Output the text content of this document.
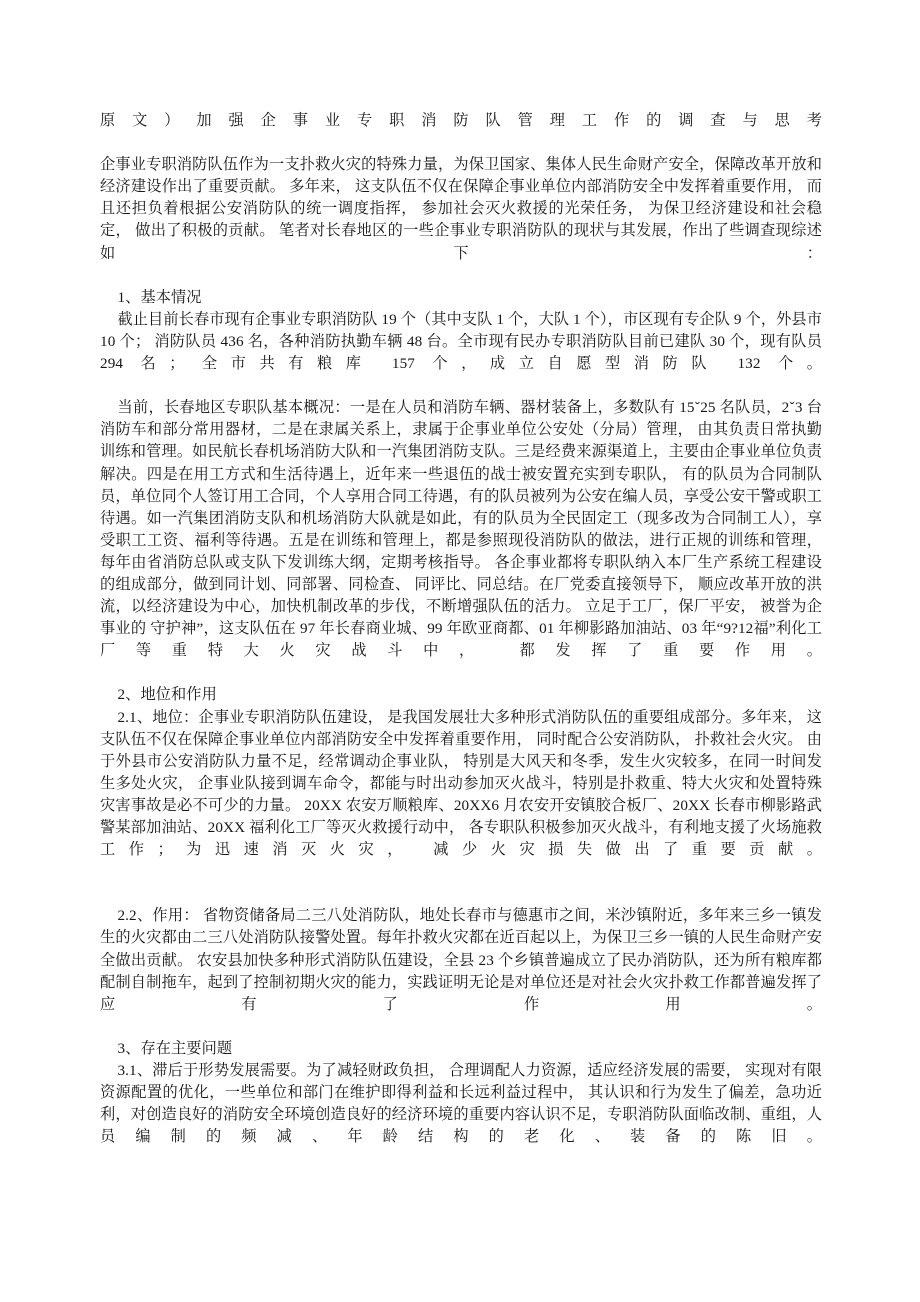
原文）加强企事业专职消防队管理工作的调查与思考

企事业专职消防队伍作为一支扑救火灾的特殊力量，为保卫国家、集体人民生命财产安全，保障改革开放和经济建设作出了重要贡献。 多年来， 这支队伍不仅在保障企事业单位内部消防安全中发挥着重要作用， 而且还担负着根据公安消防队的统一调度指挥， 参加社会灭火救援的光荣任务， 为保卫经济建设和社会稳定， 做出了积极的贡献。 笔者对长春地区的一些企事业专职消防队的现状与其发展，作出了些调查现综述如下：

1、基本情况

截止目前长春市现有企事业专职消防队 19 个（其中支队 1 个，大队 1 个），市区现有专企队 9 个，外县市 10 个； 消防队员 436 名，各种消防执勤车辆 48 台。全市现有民办专职消防队目前已建队 30 个，现有队员 294 名； 全市共有粮库 157 个，成立自愿型消防队 132 个。

当前，长春地区专职队基本概况：一是在人员和消防车辆、器材装备上，多数队有 15ˇ25 名队员，2ˇ3 台消防车和部分常用器材，二是在隶属关系上，隶属于企事业单位公安处（分局）管理， 由其负责日常执勤训练和管理。如民航长春机场消防大队和一汽集团消防支队。三是经费来源渠道上，主要由企事业单位负责解决。四是在用工方式和生活待遇上，近年来一些退伍的战士被安置充实到专职队， 有的队员为合同制队员，单位同个人签订用工合同，个人享用合同工待遇，有的队员被列为公安在编人员，享受公安干警或职工待遇。如一汽集团消防支队和机场消防大队就是如此，有的队员为全民固定工（现多改为合同制工人），享受职工工资、福利等待遇。五是在训练和管理上，都是参照现役消防队的做法，进行正规的训练和管理， 每年由省消防总队或支队下发训练大纲，定期考核指导。 各企事业都将专职队纳入本厂生产系统工程建设的组成部分，做到同计划、同部署、同检查、 同评比、同总结。在厂党委直接领导下， 顺应改革开放的洪流，以经济建设为中心，加快机制改革的步伐，不断增强队伍的活力。 立足于工厂，保厂平安， 被誉为企事业的 守护神”，这支队伍在 97 年长春商业城、99 年欧亚商都、01 年柳影路加油站、03 年“9?12福”利化工厂等重特大火灾战斗中， 都发挥了重要作用。

2、地位和作用

2.1、地位：企事业专职消防队伍建设， 是我国发展壮大多种形式消防队伍的重要组成部分。多年来， 这支队伍不仅在保障企事业单位内部消防安全中发挥着重要作用， 同时配合公安消防队， 扑救社会火灾。 由于外县市公安消防队力量不足，经常调动企事业队， 特别是大风天和冬季，发生火灾较多，在同一时间发生多处火灾， 企事业队接到调车命令，都能与时出动参加灭火战斗，特别是扑救重、特大火灾和处置特殊灾害事故是必不可少的力量。 20XX 农安万顺粮库、20XX6 月农安开安镇胶合板厂、20XX 长春市柳影路武警某部加油站、20XX 福利化工厂等灭火救援行动中， 各专职队积极参加灭火战斗，有利地支援了火场施救工作；为迅速消灭火灾， 减少火灾损失做出了重要贡献。

2.2、作用： 省物资储备局二三八处消防队，地处长春市与德惠市之间，米沙镇附近，多年来三乡一镇发生的火灾都由二三八处消防队接警处置。每年扑救火灾都在近百起以上，为保卫三乡一镇的人民生命财产安全做出贡献。 农安县加快多种形式消防队伍建设，全县 23 个乡镇普遍成立了民办消防队，还为所有粮库都配制自制拖车，起到了控制初期火灾的能力，实践证明无论是对单位还是对社会火灾扑救工作都普遍发挥了应有了作用。

3、存在主要问题

3.1、滞后于形势发展需要。为了减轻财政负担， 合理调配人力资源，适应经济发展的需要， 实现对有限资源配置的优化，一些单位和部门在维护即得利益和长远利益过程中， 其认识和行为发生了偏差，急功近利，对创造良好的消防安全环境创造良好的经济环境的重要内容认识不足，专职消防队面临改制、重组，人员编制的频减、年龄结构的老化、装备的陈旧。
